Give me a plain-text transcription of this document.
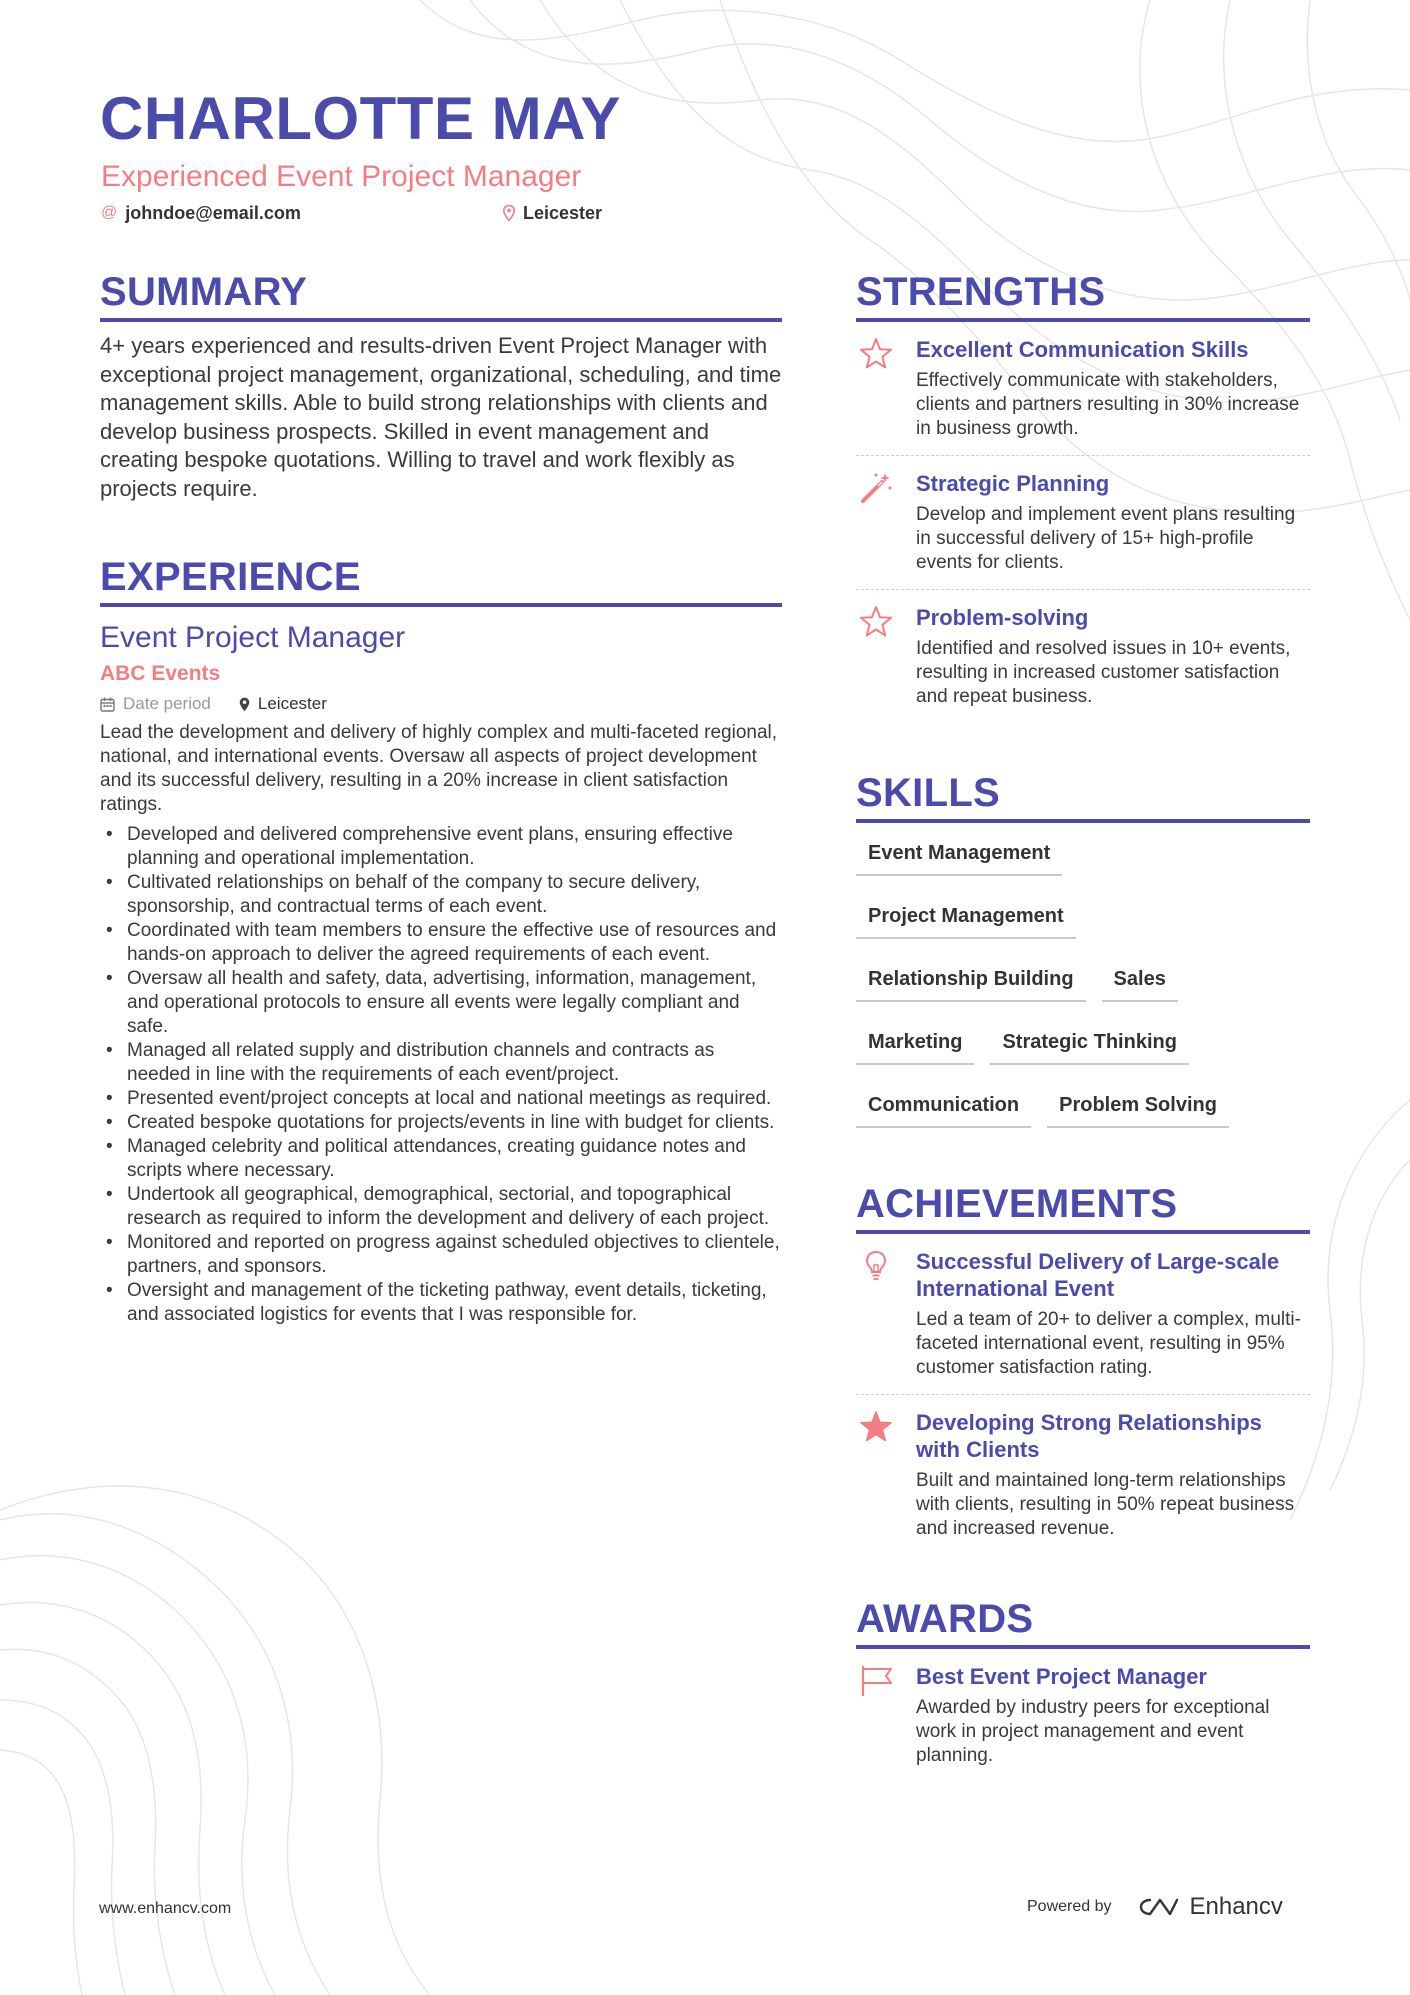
CHARLOTTE MAY
Experienced Event Project Manager
@ johndoe@email.com	Leicester
SUMMARY
4+ years experienced and results-driven Event Project Manager with exceptional project management, organizational, scheduling, and time management skills. Able to build strong relationships with clients and develop business prospects. Skilled in event management and creating bespoke quotations. Willing to travel and work flexibly as projects require.
EXPERIENCE
Event Project Manager
ABC Events
Date period	Leicester
Lead the development and delivery of highly complex and multi-faceted regional, national, and international events. Oversaw all aspects of project development and its successful delivery, resulting in a 20% increase in client satisfaction ratings.
• Developed and delivered comprehensive event plans, ensuring effective planning and operational implementation.
• Cultivated relationships on behalf of the company to secure delivery, sponsorship, and contractual terms of each event.
• Coordinated with team members to ensure the effective use of resources and hands-on approach to deliver the agreed requirements of each event.
• Oversaw all health and safety, data, advertising, information, management, and operational protocols to ensure all events were legally compliant and safe.
• Managed all related supply and distribution channels and contracts as needed in line with the requirements of each event/project.
• Presented event/project concepts at local and national meetings as required.
• Created bespoke quotations for projects/events in line with budget for clients.
• Managed celebrity and political attendances, creating guidance notes and scripts where necessary.
• Undertook all geographical, demographical, sectorial, and topographical research as required to inform the development and delivery of each project.
• Monitored and reported on progress against scheduled objectives to clientele, partners, and sponsors.
• Oversight and management of the ticketing pathway, event details, ticketing, and associated logistics for events that I was responsible for.
STRENGTHS
Excellent Communication Skills
Effectively communicate with stakeholders, clients and partners resulting in 30% increase in business growth.
Strategic Planning
Develop and implement event plans resulting in successful delivery of 15+ high-profile events for clients.
Problem-solving
Identified and resolved issues in 10+ events, resulting in increased customer satisfaction and repeat business.
SKILLS
Event Management
Project Management
Relationship Building	Sales
Marketing	Strategic Thinking
Communication	Problem Solving
ACHIEVEMENTS
Successful Delivery of Large-scale International Event
Led a team of 20+ to deliver a complex, multi-faceted international event, resulting in 95% customer satisfaction rating.
Developing Strong Relationships with Clients
Built and maintained long-term relationships with clients, resulting in 50% repeat business and increased revenue.
AWARDS
Best Event Project Manager
Awarded by industry peers for exceptional work in project management and event planning.
www.enhancv.com	Powered by	Enhancv
